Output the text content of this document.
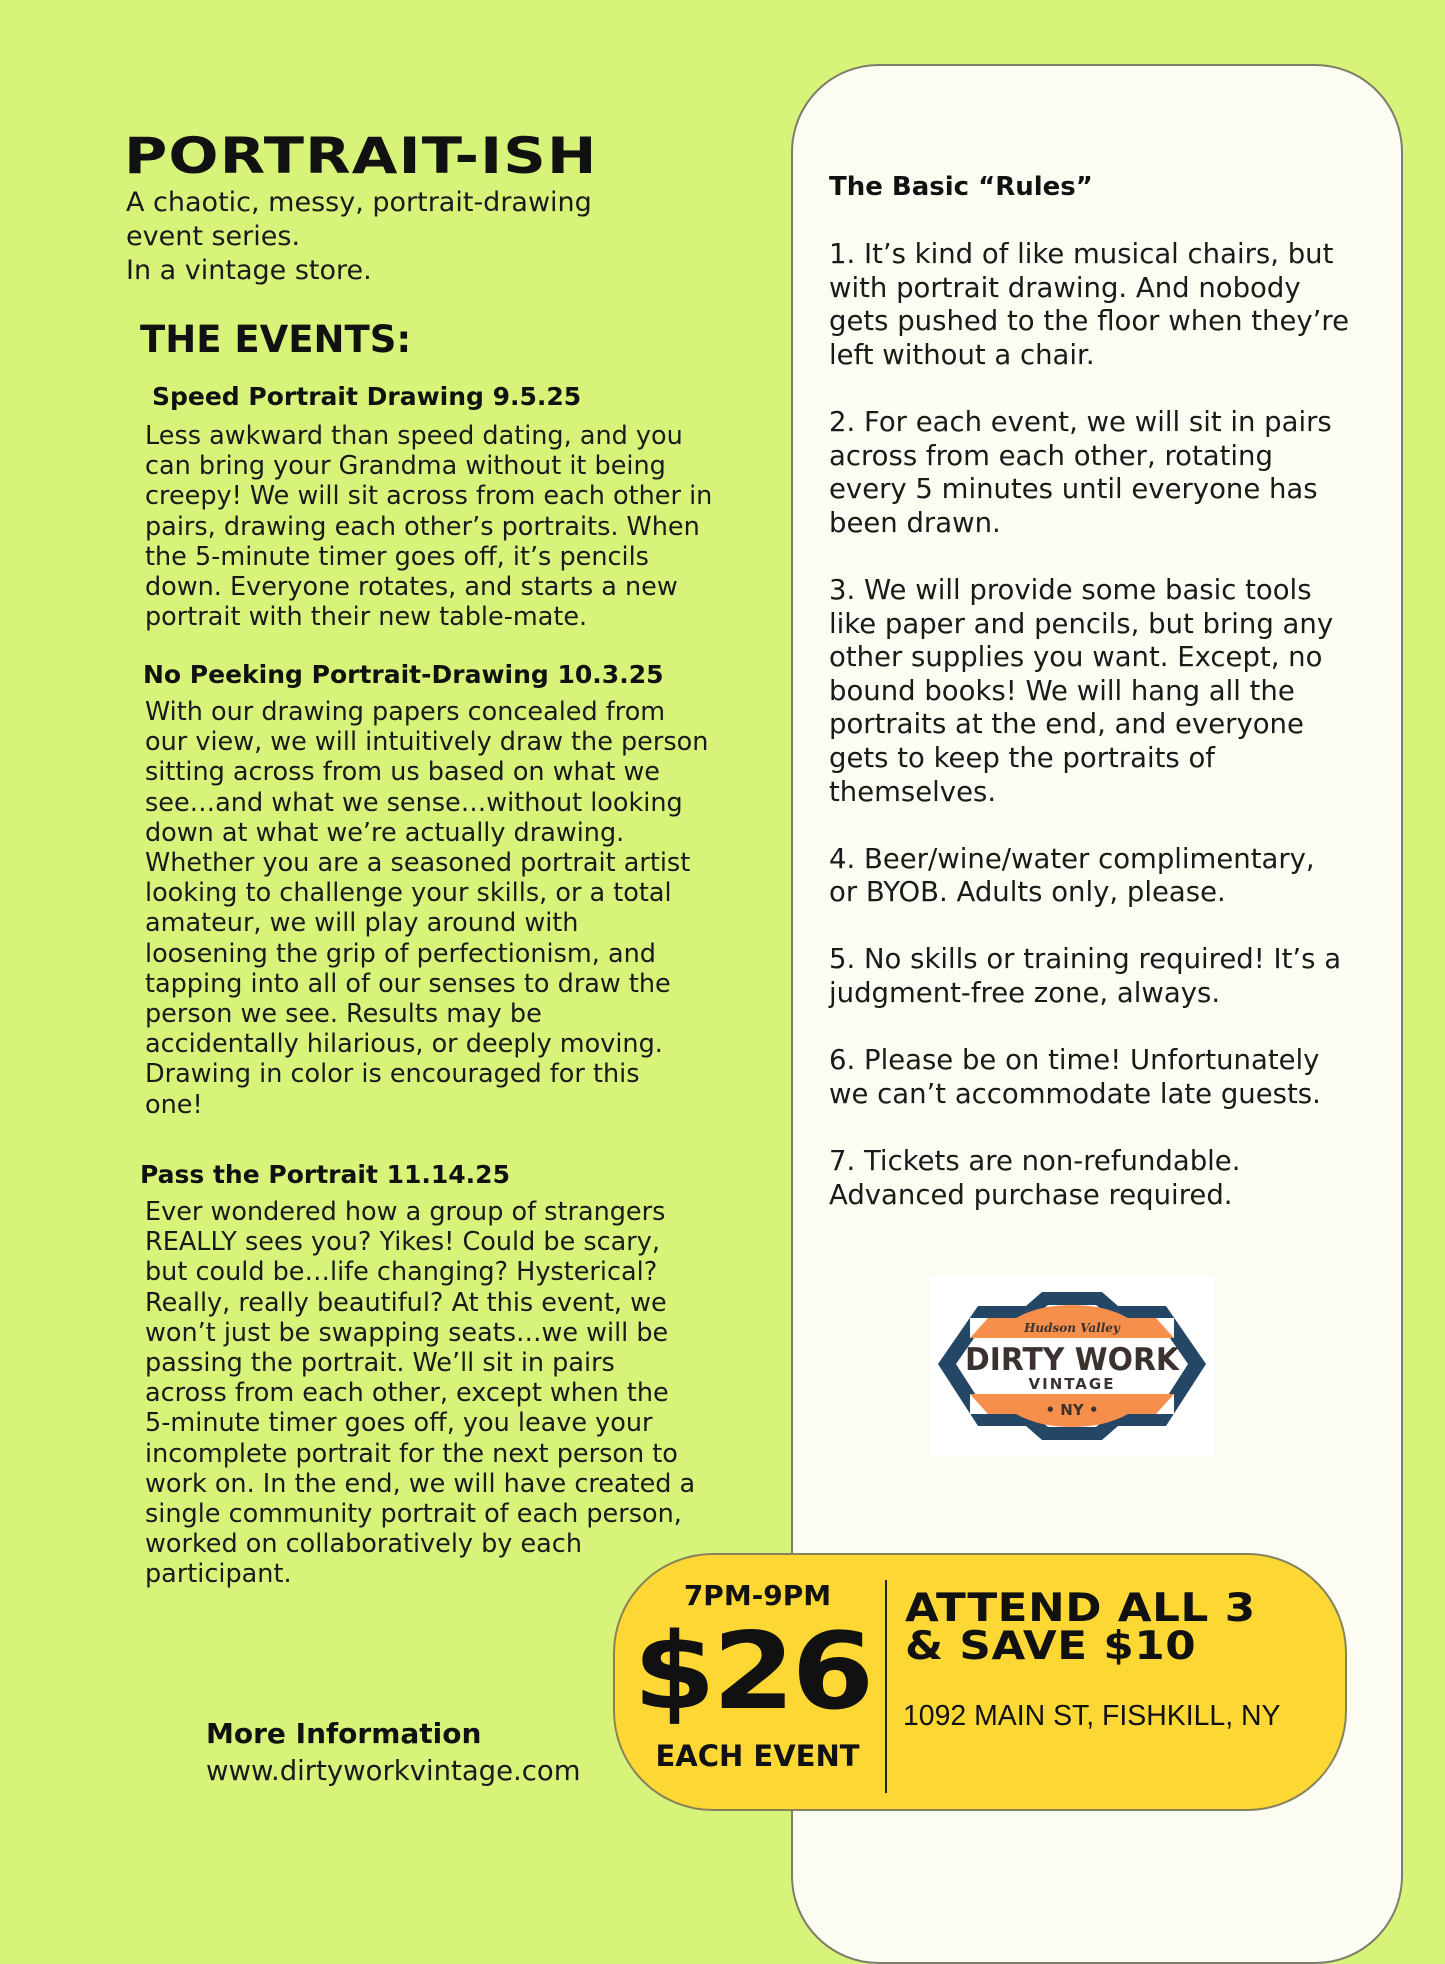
PORTRAIT-ISH
A chaotic, messy, portrait-drawing
event series.
In a vintage store.
THE EVENTS:
Speed Portrait Drawing 9.5.25
Less awkward than speed dating, and you
can bring your Grandma without it being
creepy! We will sit across from each other in
pairs, drawing each other’s portraits. When
the 5-minute timer goes off, it’s pencils
down. Everyone rotates, and starts a new
portrait with their new table-mate.
No Peeking Portrait-Drawing 10.3.25
With our drawing papers concealed from
our view, we will intuitively draw the person
sitting across from us based on what we
see…and what we sense…without looking
down at what we’re actually drawing.
Whether you are a seasoned portrait artist
looking to challenge your skills, or a total
amateur, we will play around with
loosening the grip of perfectionism, and
tapping into all of our senses to draw the
person we see. Results may be
accidentally hilarious, or deeply moving.
Drawing in color is encouraged for this
one!
Pass the Portrait 11.14.25
Ever wondered how a group of strangers
REALLY sees you? Yikes! Could be scary,
but could be…life changing? Hysterical?
Really, really beautiful? At this event, we
won’t just be swapping seats…we will be
passing the portrait. We’ll sit in pairs
across from each other, except when the
5-minute timer goes off, you leave your
incomplete portrait for the next person to
work on. In the end, we will have created a
single community portrait of each person,
worked on collaboratively by each
participant.
The Basic “Rules”
1. It’s kind of like musical chairs, but
with portrait drawing. And nobody
gets pushed to the floor when they’re
left without a chair.
2. For each event, we will sit in pairs
across from each other, rotating
every 5 minutes until everyone has
been drawn.
3. We will provide some basic tools
like paper and pencils, but bring any
other supplies you want. Except, no
bound books! We will hang all the
portraits at the end, and everyone
gets to keep the portraits of
themselves.
4. Beer/wine/water complimentary,
or BYOB. Adults only, please.
5. No skills or training required! It’s a
judgment-free zone, always.
6. Please be on time! Unfortunately
we can’t accommodate late guests.
7. Tickets are non-refundable.
Advanced purchase required.
Hudson Valley
DIRTY WORK
VINTAGE
• NY •
7PM-9PM
$26
EACH EVENT
ATTEND ALL 3
& SAVE $10
1092 MAIN ST, FISHKILL, NY
More Information
www.dirtyworkvintage.com
